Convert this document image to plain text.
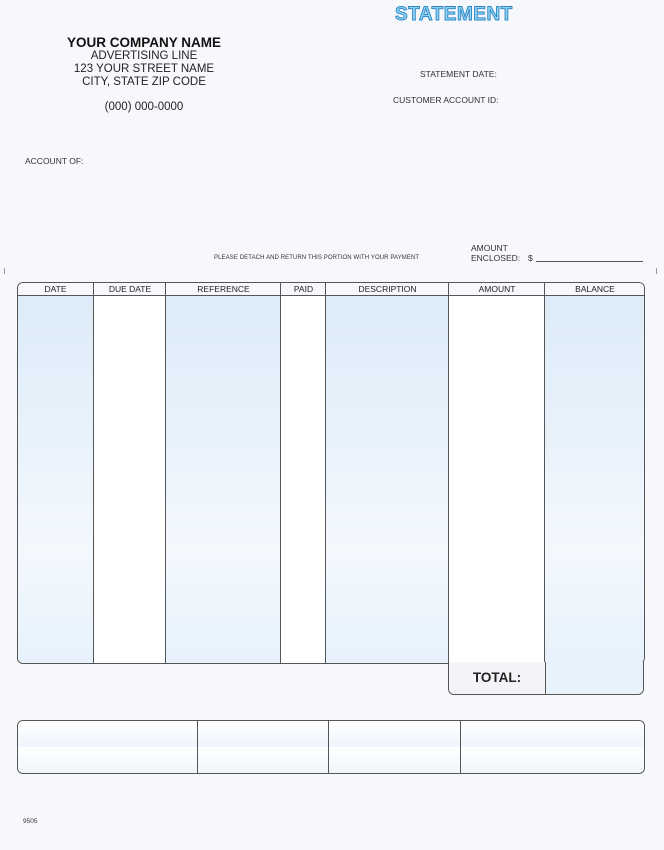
STATEMENT
YOUR COMPANY NAME
ADVERTISING LINE
123 YOUR STREET NAME
CITY, STATE ZIP CODE
(000) 000-0000
STATEMENT DATE:
CUSTOMER ACCOUNT ID:
ACCOUNT OF:
PLEASE DETACH AND RETURN THIS PORTION WITH YOUR PAYMENT
AMOUNT
ENCLOSED: $
DATE	DUE DATE	REFERENCE	PAID	DESCRIPTION	AMOUNT	BALANCE
TOTAL:
9505
